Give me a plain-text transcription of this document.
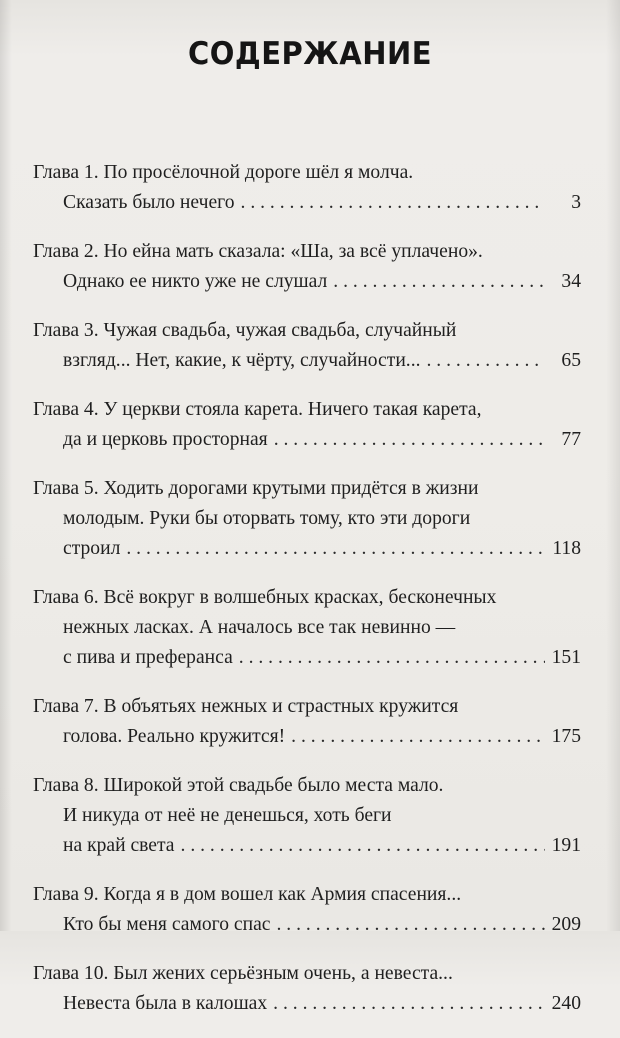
СОДЕРЖАНИЕ
Глава 1. По просёлочной дороге шёл я молча.
Сказать было нечего . . .	3
Глава 2. Но ейна мать сказала: «Ша, за всё уплачено».
Однако ее никто уже не слушал . . .	34
Глава 3. Чужая свадьба, чужая свадьба, случайный
взгляд... Нет, какие, к чёрту, случайности... . . .	65
Глава 4. У церкви стояла карета. Ничего такая карета,
да и церковь просторная . . .	77
Глава 5. Ходить дорогами крутыми придётся в жизни
молодым. Руки бы оторвать тому, кто эти дороги
строил . . .	118
Глава 6. Всё вокруг в волшебных красках, бесконечных
нежных ласках. А началось все так невинно —
с пива и преферанса . . .	151
Глава 7. В объятьях нежных и страстных кружится
голова. Реально кружится! . . .	175
Глава 8. Широкой этой свадьбе было места мало.
И никуда от неё не денешься, хоть беги
на край света . . .	191
Глава 9. Когда я в дом вошел как Армия спасения...
Кто бы меня самого спас . . .	209
Глава 10. Был жених серьёзным очень, а невеста...
Невеста была в калошах . . .	240
